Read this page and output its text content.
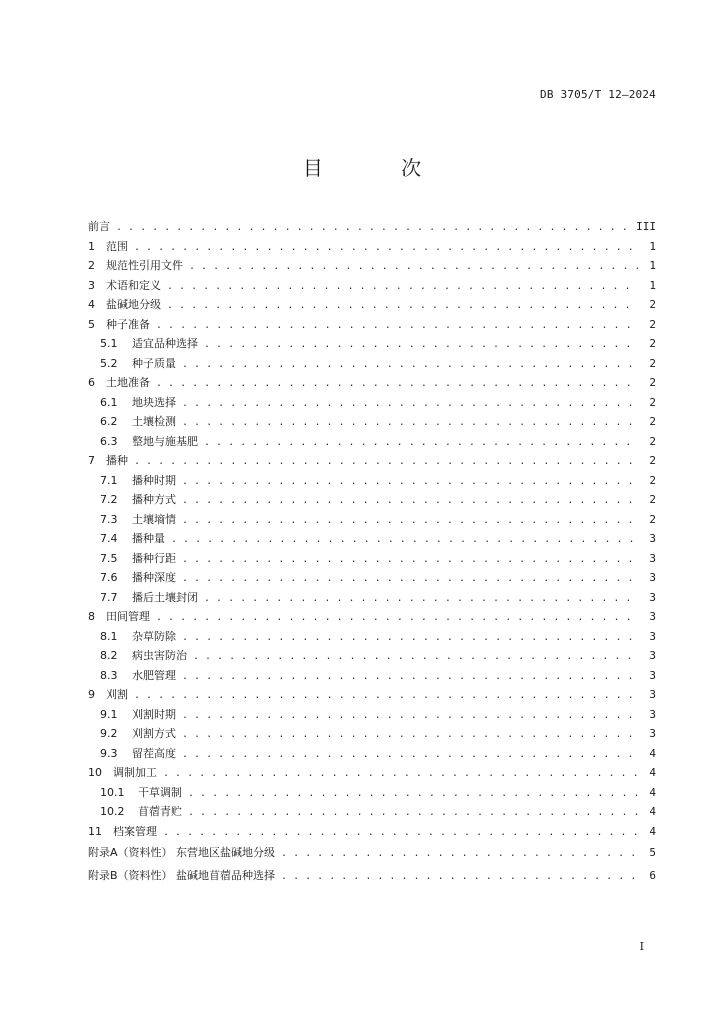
DB 3705/T 12—2024
目 次
前言 . . .	III
1	范围 . . .	1
2	规范性引用文件 . . .	1
3	术语和定义 . . .	1
4	盐碱地分级 . . .	2
5	种子准备 . . .	2
5.1	适宜品种选择 . . .	2
5.2	种子质量 . . .	2
6	土地准备 . . .	2
6.1	地块选择 . . .	2
6.2	土壤检测 . . .	2
6.3	整地与施基肥 . . .	2
7	播种 . . .	2
7.1	播种时期 . . .	2
7.2	播种方式 . . .	2
7.3	土壤墒情 . . .	2
7.4	播种量 . . .	3
7.5	播种行距 . . .	3
7.6	播种深度 . . .	3
7.7	播后土壤封闭 . . .	3
8	田间管理 . . .	3
8.1	杂草防除 . . .	3
8.2	病虫害防治 . . .	3
8.3	水肥管理 . . .	3
9	刈割 . . .	3
9.1	刈割时期 . . .	3
9.2	刈割方式 . . .	3
9.3	留茬高度 . . .	4
10	调制加工 . . .	4
10.1	干草调制 . . .	4
10.2	苜蓿青贮 . . .	4
11	档案管理 . . .	4
附录A（资料性） 东营地区盐碱地分级 . . .	5
附录B（资料性） 盐碱地苜蓿品种选择 . . .	6
I
